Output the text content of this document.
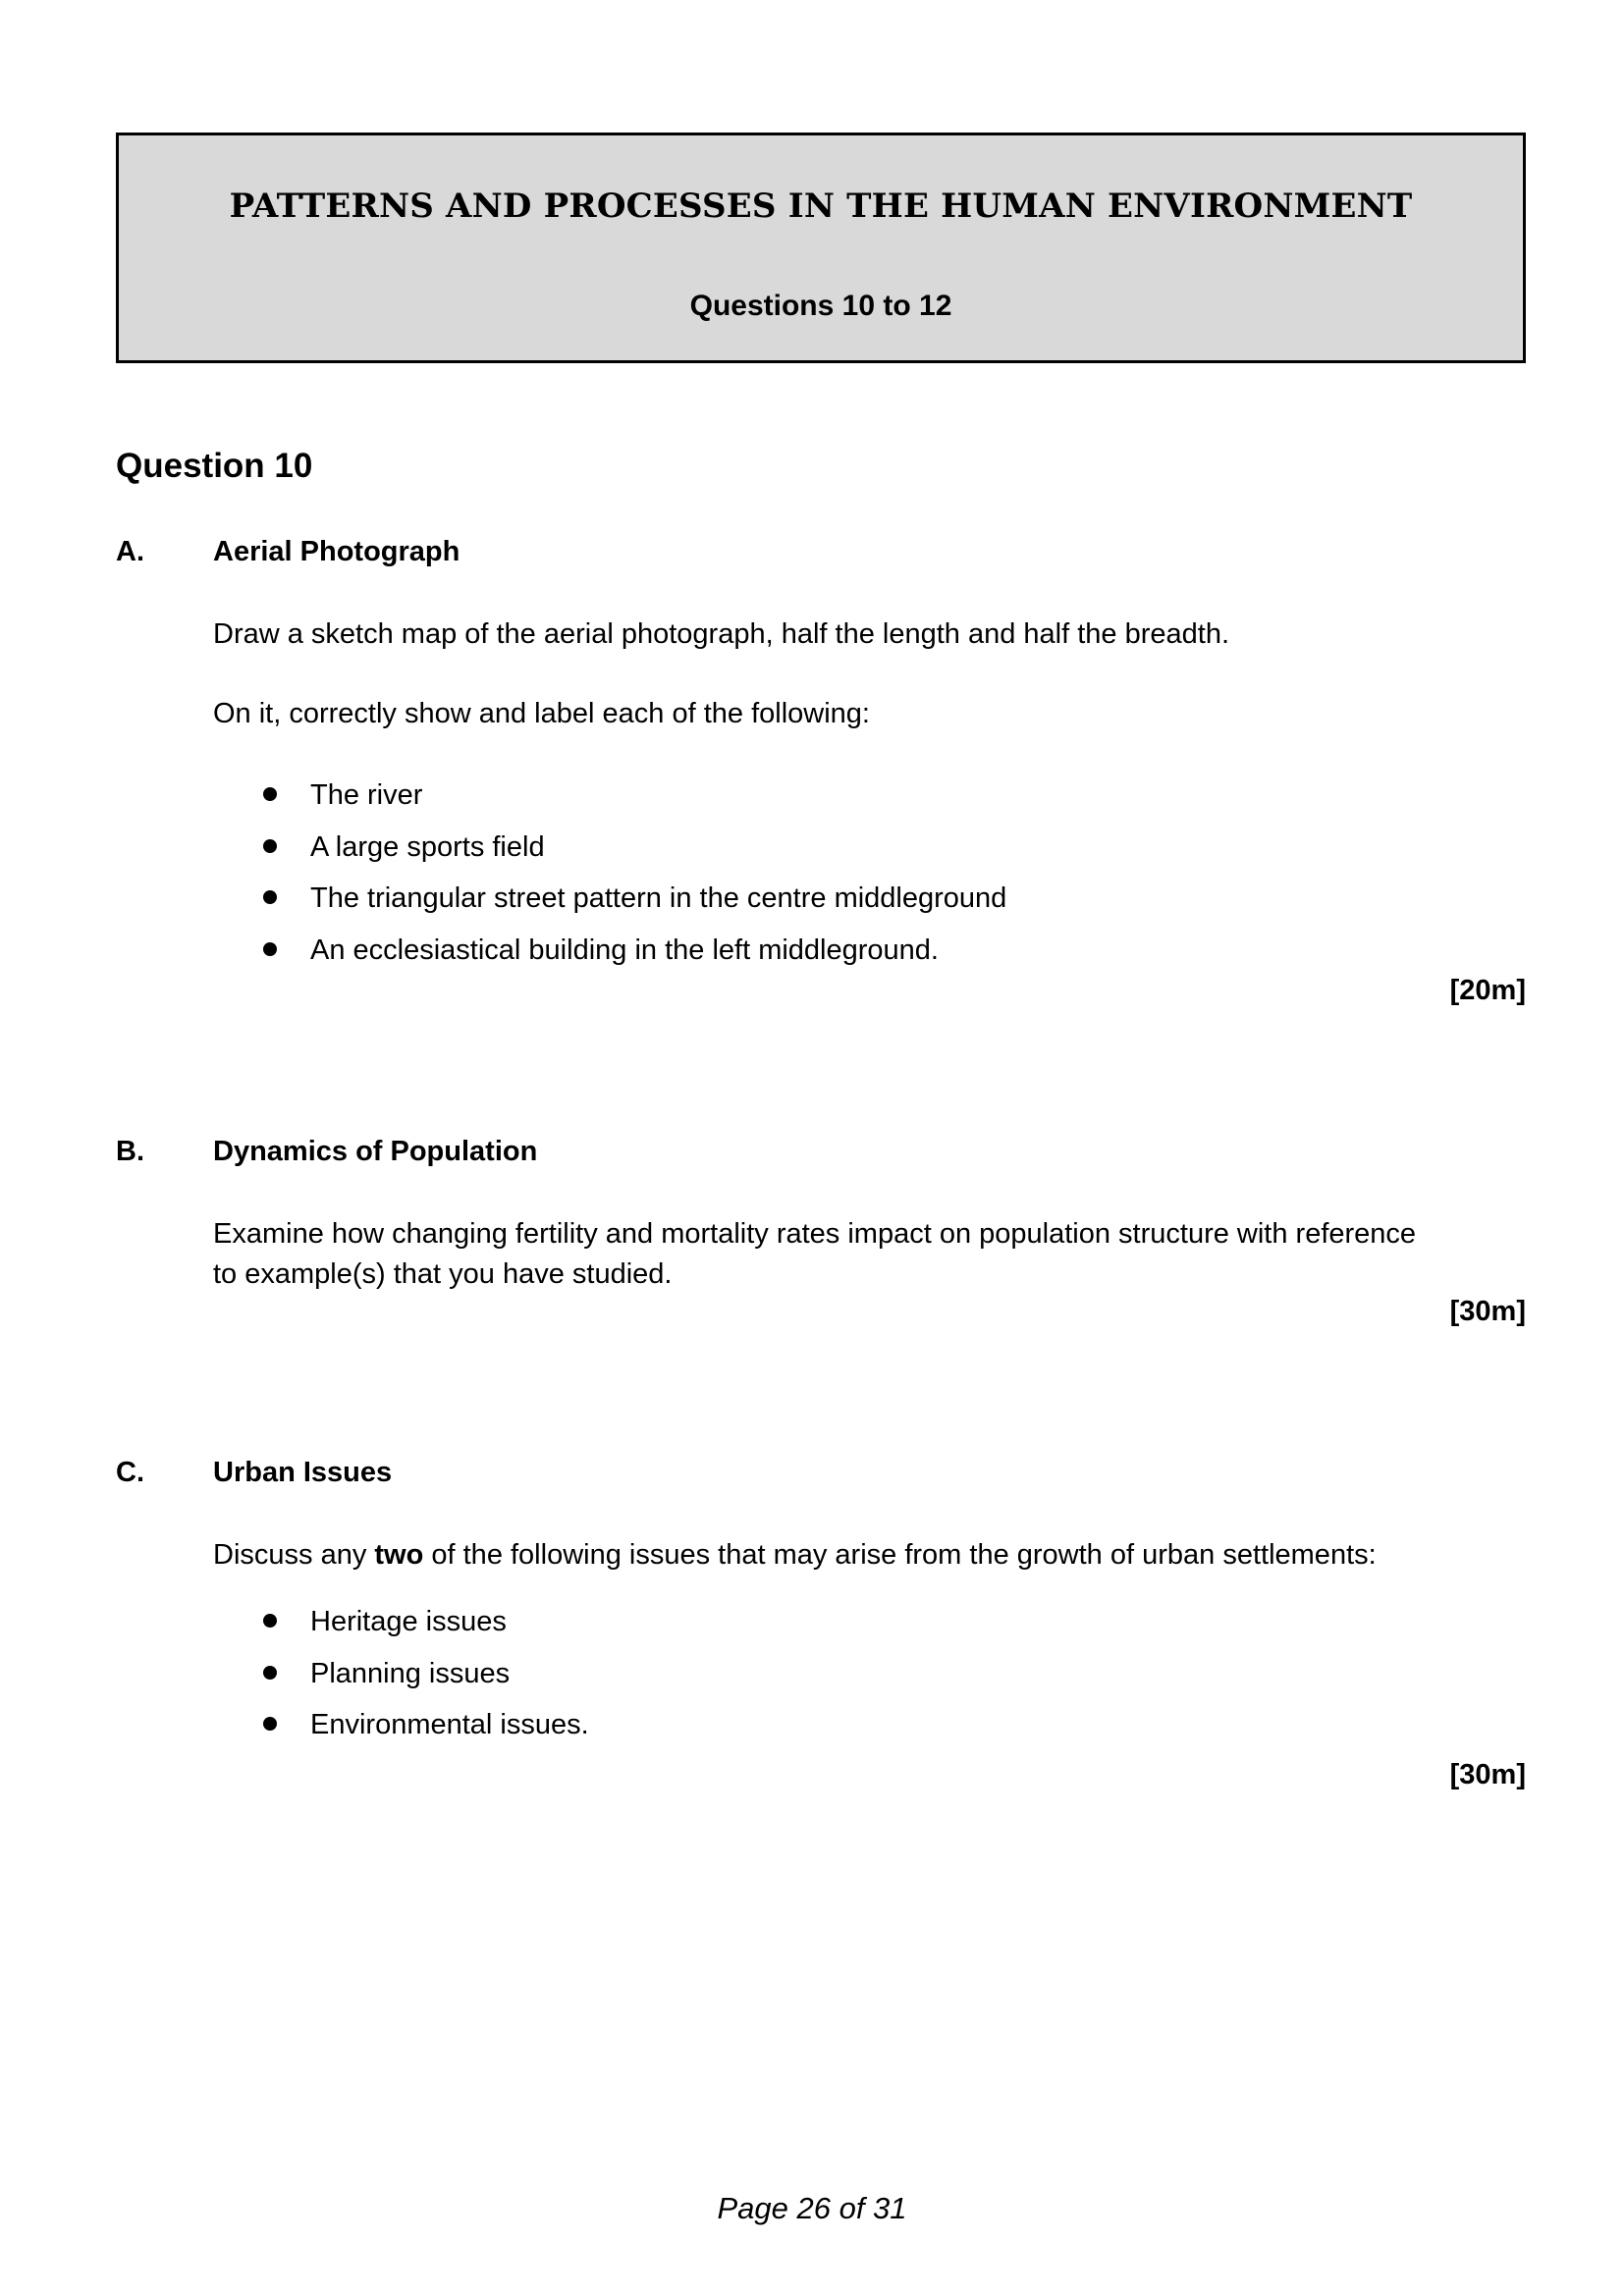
PATTERNS AND PROCESSES IN THE HUMAN ENVIRONMENT
Questions 10 to 12
Question 10
A. Aerial Photograph
Draw a sketch map of the aerial photograph, half the length and half the breadth.
On it, correctly show and label each of the following:
The river
A large sports field
The triangular street pattern in the centre middleground
An ecclesiastical building in the left middleground.
[20m]
B. Dynamics of Population
Examine how changing fertility and mortality rates impact on population structure with reference
to example(s) that you have studied.
[30m]
C. Urban Issues
Discuss any two of the following issues that may arise from the growth of urban settlements:
Heritage issues
Planning issues
Environmental issues.
[30m]
Page 26 of 31
